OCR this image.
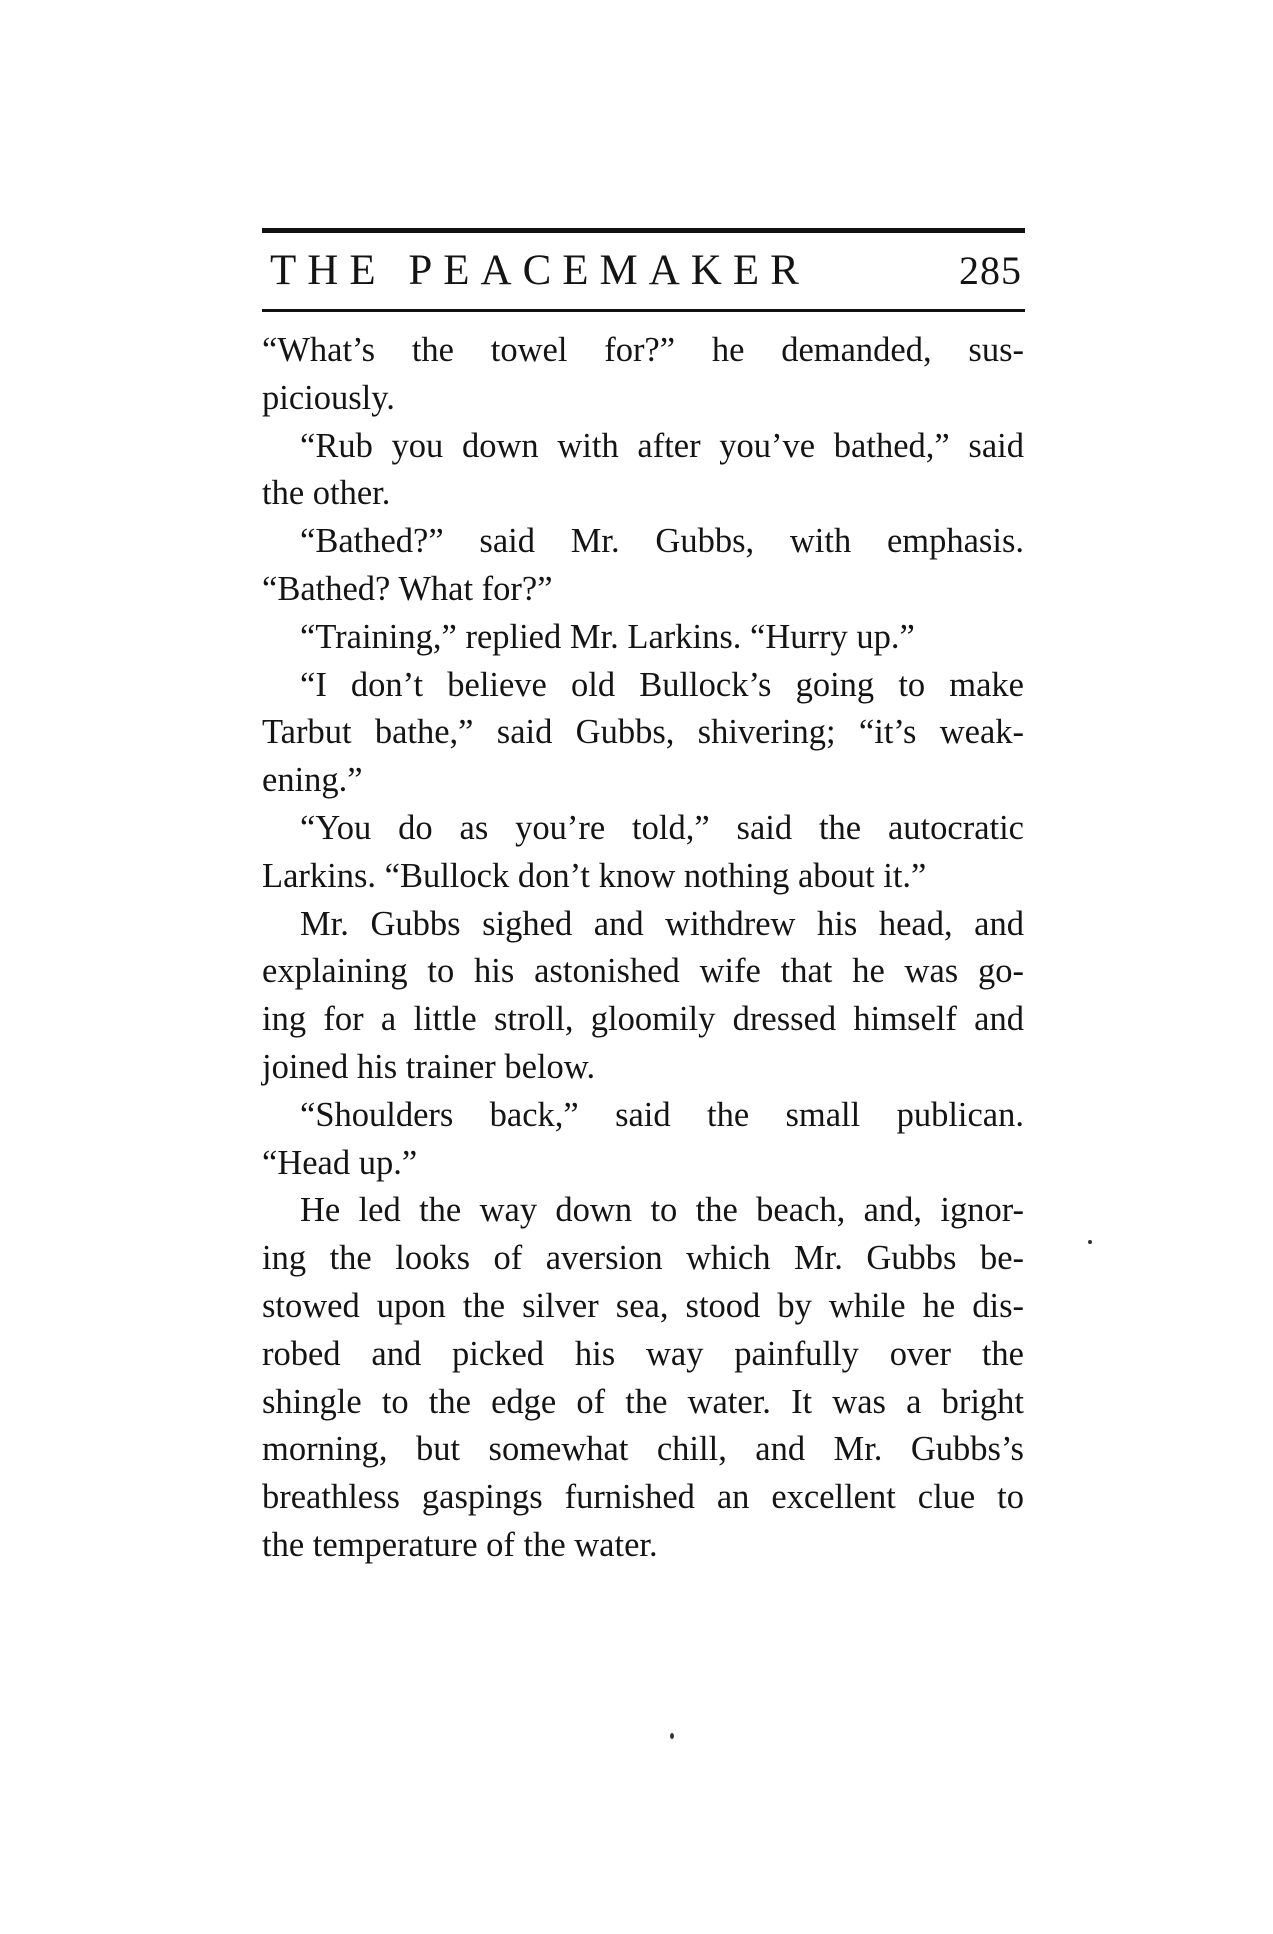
THE PEACEMAKER	285
“What’s the towel for?” he demanded, sus-
piciously.
“Rub you down with after you’ve bathed,” said
the other.
“Bathed?” said Mr. Gubbs, with emphasis.
“Bathed? What for?”
“Training,” replied Mr. Larkins. “Hurry up.”
“I don’t believe old Bullock’s going to make
Tarbut bathe,” said Gubbs, shivering; “it’s weak-
ening.”
“You do as you’re told,” said the autocratic
Larkins. “Bullock don’t know nothing about it.”
Mr. Gubbs sighed and withdrew his head, and
explaining to his astonished wife that he was go-
ing for a little stroll, gloomily dressed himself and
joined his trainer below.
“Shoulders back,” said the small publican.
“Head up.”
He led the way down to the beach, and, ignor-
ing the looks of aversion which Mr. Gubbs be-
stowed upon the silver sea, stood by while he dis-
robed and picked his way painfully over the
shingle to the edge of the water. It was a bright
morning, but somewhat chill, and Mr. Gubbs’s
breathless gaspings furnished an excellent clue to
the temperature of the water.
